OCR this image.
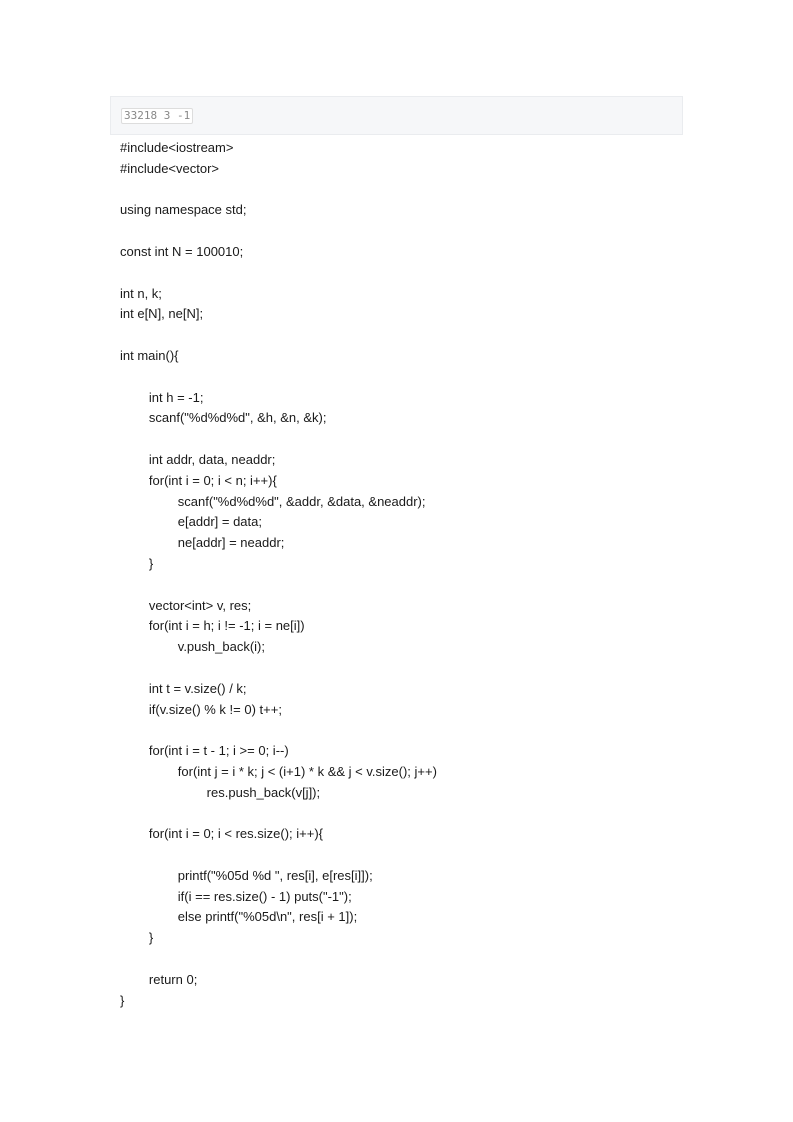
33218 3 -1
#include<iostream>
#include<vector>
using namespace std;
const int N = 100010;
int n, k;
int e[N], ne[N];
int main(){
int h = -1;
scanf("%d%d%d", &h, &n, &k);
int addr, data, neaddr;
for(int i = 0; i < n; i++){
scanf("%d%d%d", &addr, &data, &neaddr);
e[addr] = data;
ne[addr] = neaddr;
}
vector<int> v, res;
for(int i = h; i != -1; i = ne[i])
v.push_back(i);
int t = v.size() / k;
if(v.size() % k != 0) t++;
for(int i = t - 1; i >= 0; i--)
for(int j = i * k; j < (i+1) * k && j < v.size(); j++)
res.push_back(v[j]);
for(int i = 0; i < res.size(); i++){
printf("%05d %d ", res[i], e[res[i]]);
if(i == res.size() - 1) puts("-1");
else printf("%05d\n", res[i + 1]);
}
return 0;
}
